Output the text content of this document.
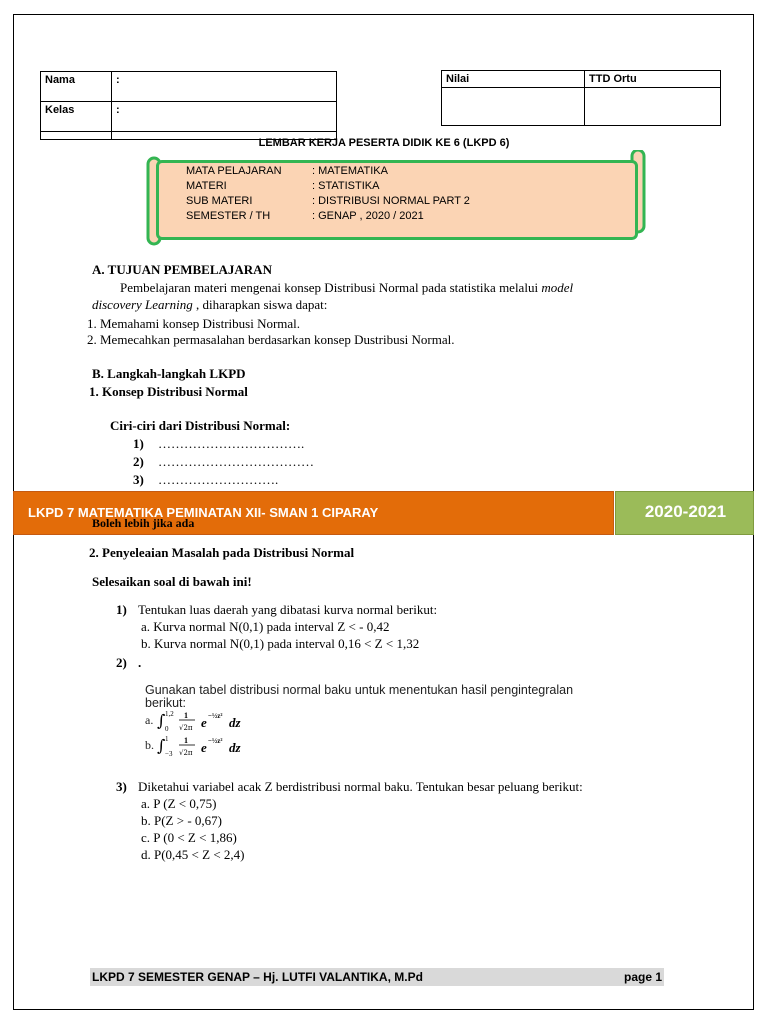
Nama	:
Kelas	:

Nilai	TTD Ortu

LEMBAR KERJA PESERTA DIDIK KE 6 (LKPD 6)
MATA PELAJARAN	: MATEMATIKA
MATERI	: STATISTIKA
SUB MATERI	: DISTRIBUSI NORMAL PART 2
SEMESTER / TH	: GENAP , 2020 / 2021
A. TUJUAN PEMBELAJARAN
Pembelajaran materi mengenai konsep Distribusi Normal pada statistika melalui model
discovery Learning , diharapkan siswa dapat:
1. Memahami konsep Distribusi Normal.
2. Memecahkan permasalahan berdasarkan konsep Dustribusi Normal.
B. Langkah-langkah LKPD
1. Konsep Distribusi Normal
Ciri-ciri dari Distribusi Normal:
1) …………………………….
2) ………………………………
3) ……………………….
LKPD 7 MATEMATIKA PEMINATAN XII- SMAN 1 CIPARAY	2020-2021
Boleh lebih jika ada
2. Penyeleaian Masalah pada Distribusi Normal
Selesaikan soal di bawah ini!
1) Tentukan luas daerah yang dibatasi kurva normal berikut:
a. Kurva normal N(0,1) pada interval Z < - 0,42
b. Kurva normal N(0,1) pada interval 0,16 < Z < 1,32
2) .
Gunakan tabel distribusi normal baku untuk menentukan hasil pengintegralan
berikut:
a. ∫ 0
1,2 1
√2π e −½z² dz
b. ∫ −3
1 1
√2π e −½z² dz
3) Diketahui variabel acak Z berdistribusi normal baku. Tentukan besar peluang berikut:
a. P (Z < 0,75)
b. P(Z > - 0,67)
c. P (0 < Z < 1,86)
d. P(0,45 < Z < 2,4)
LKPD 7 SEMESTER GENAP – Hj. LUTFI VALANTIKA, M.Pd	page 1
